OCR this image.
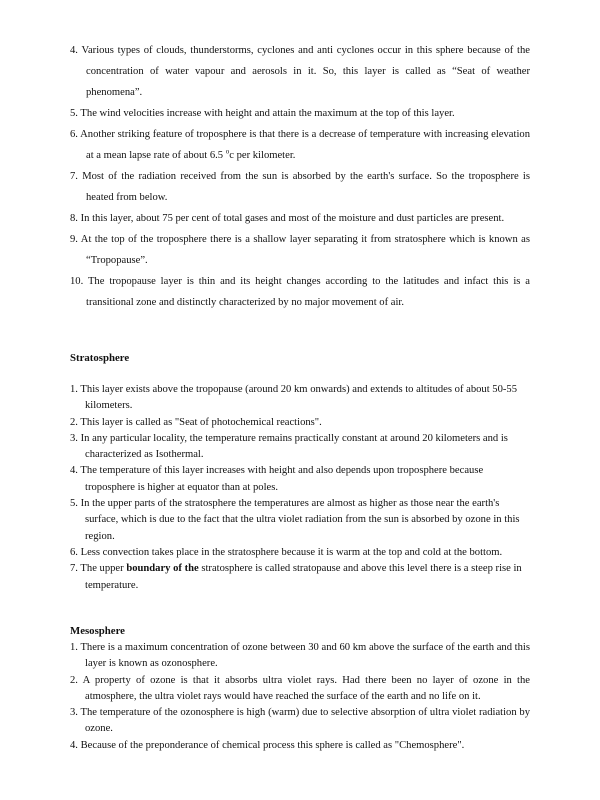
4. Various types of clouds, thunderstorms, cyclones and anti cyclones occur in this sphere because of the concentration of water vapour and aerosols in it. So, this layer is called as “Seat of weather phenomena”.
5. The wind velocities increase with height and attain the maximum at the top of this layer.
6. Another striking feature of troposphere is that there is a decrease of temperature with increasing elevation at a mean lapse rate of about 6.5 $^o$c per kilometer.
7. Most of the radiation received from the sun is absorbed by the earth's surface. So the troposphere is heated from below.
8. In this layer, about 75 per cent of total gases and most of the moisture and dust particles are present.
9. At the top of the troposphere there is a shallow layer separating it from stratosphere which is known as “Tropopause”.
10. The tropopause layer is thin and its height changes according to the latitudes and infact this is a transitional zone and distinctly characterized by no major movement of air.
Stratosphere
1. This layer exists above the tropopause (around 20 km onwards) and extends to altitudes of about 50-55 kilometers.
2. This layer is called as "Seat of photochemical reactions".
3. In any particular locality, the temperature remains practically constant at around 20 kilometers and is characterized as Isothermal.
4. The temperature of this layer increases with height and also depends upon troposphere because troposphere is higher at equator than at poles.
5. In the upper parts of the stratosphere the temperatures are almost as higher as those near the earth's surface, which is due to the fact that the ultra violet radiation from the sun is absorbed by ozone in this region.
6. Less convection takes place in the stratosphere because it is warm at the top and cold at the bottom.
7. The upper boundary of the stratosphere is called stratopause and above this level there is a steep rise in temperature.
Mesosphere
1. There is a maximum concentration of ozone between 30 and 60 km above the surface of the earth and this layer is known as ozonosphere.
2. A property of ozone is that it absorbs ultra violet rays. Had there been no layer of ozone in the atmosphere, the ultra violet rays would have reached the surface of the earth and no life on it.
3. The temperature of the ozonosphere is high (warm) due to selective absorption of ultra violet radiation by ozone.
4. Because of the preponderance of chemical process this sphere is called as "Chemosphere".
